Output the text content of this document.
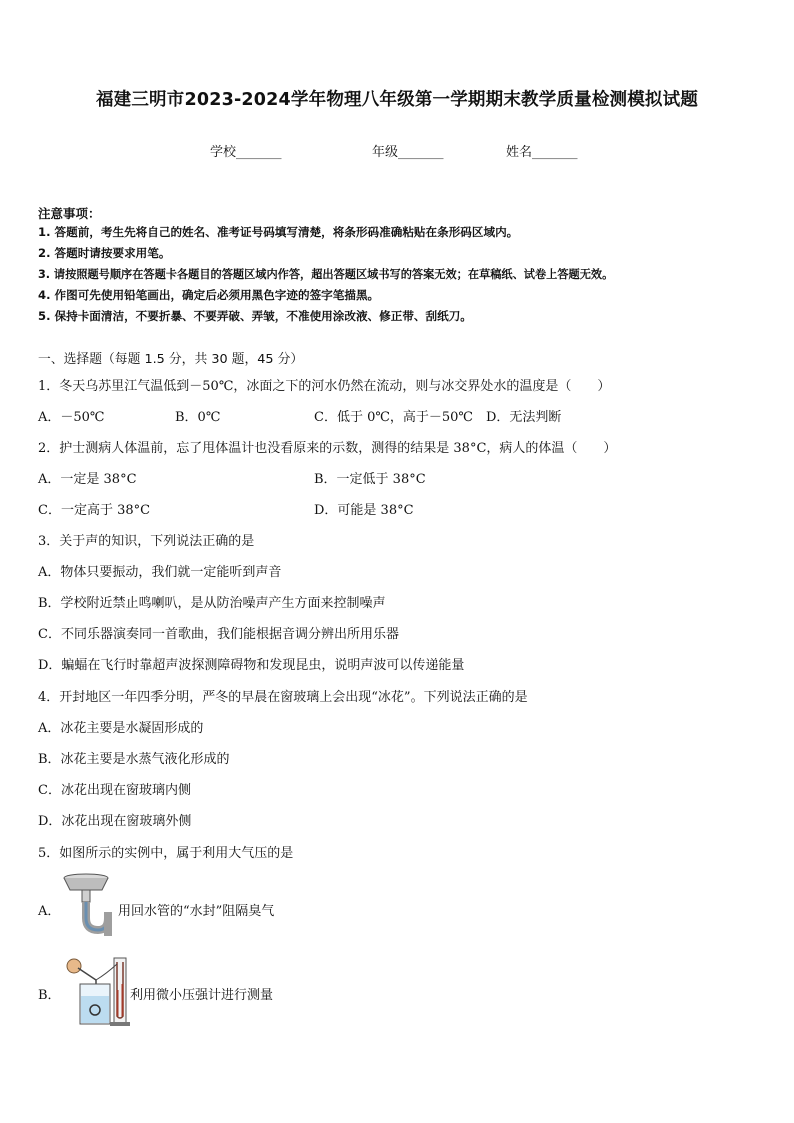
福建三明市2023-2024学年物理八年级第一学期期末教学质量检测模拟试题
学校_______	年级_______	姓名_______
注意事项：
1. 答题前，考生先将自己的姓名、准考证号码填写清楚，将条形码准确粘贴在条形码区域内。
2. 答题时请按要求用笔。
3. 请按照题号顺序在答题卡各题目的答题区域内作答，超出答题区域书写的答案无效；在草稿纸、试卷上答题无效。
4. 作图可先使用铅笔画出，确定后必须用黑色字迹的签字笔描黑。
5. 保持卡面清洁，不要折暴、不要弄破、弄皱，不准使用涂改液、修正带、刮纸刀。
一、选择题（每题 1.5 分，共 30 题，45 分）
1．冬天乌苏里江气温低到－50℃，冰面之下的河水仍然在流动，则与冰交界处水的温度是（　　）
A．－50℃	B．0℃	C．低于 0℃，高于－50℃ D．无法判断
2．护士测病人体温前，忘了甩体温计也没看原来的示数，测得的结果是 38°C，病人的体温（　　）
A．一定是 38°C	B．一定低于 38°C
C．一定高于 38°C	D．可能是 38°C
3．关于声的知识，下列说法正确的是
A．物体只要振动，我们就一定能听到声音
B．学校附近禁止鸣喇叭，是从防治噪声产生方面来控制噪声
C．不同乐器演奏同一首歌曲，我们能根据音调分辨出所用乐器
D．蝙蝠在飞行时靠超声波探测障碍物和发现昆虫，说明声波可以传递能量
4．开封地区一年四季分明，严冬的早晨在窗玻璃上会出现“冰花”。下列说法正确的是
A．冰花主要是水凝固形成的
B．冰花主要是水蒸气液化形成的
C．冰花出现在窗玻璃内侧
D．冰花出现在窗玻璃外侧
5．如图所示的实例中，属于利用大气压的是
A．	用回水管的“水封”阻隔臭气
B．	利用微小压强计进行测量
